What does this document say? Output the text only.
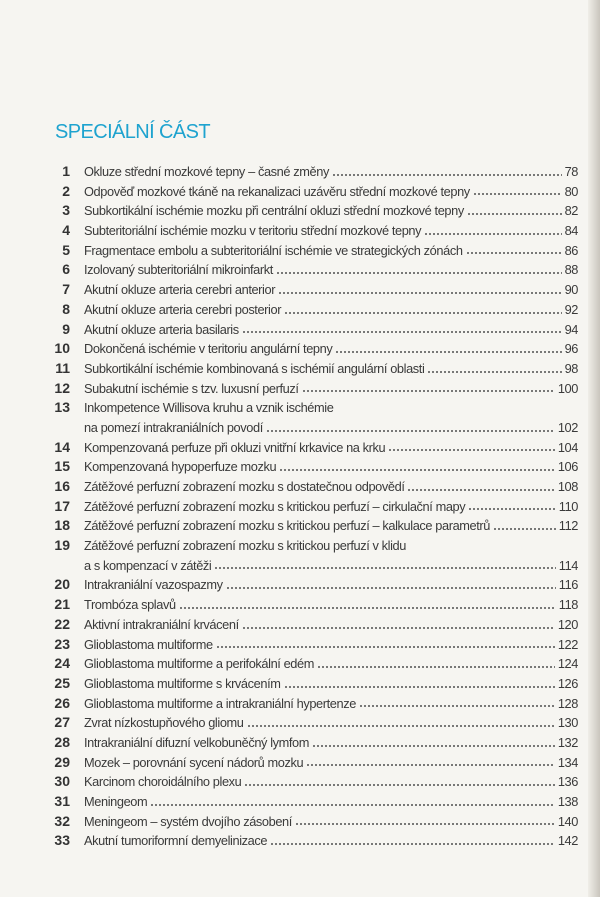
SPECIÁLNÍ ČÁST
1 Okluze střední mozkové tepny – časné změny	78
2 Odpověď mozkové tkáně na rekanalizaci uzávěru střední mozkové tepny	80
3 Subkortikální ischémie mozku při centrální okluzi střední mozkové tepny	82
4 Subteritoriální ischémie mozku v teritoriu střední mozkové tepny	84
5 Fragmentace embolu a subteritoriální ischémie ve strategických zónách	86
6 Izolovaný subteritoriální mikroinfarkt	88
7 Akutní okluze arteria cerebri anterior	90
8 Akutní okluze arteria cerebri posterior	92
9 Akutní okluze arteria basilaris	94
10 Dokončená ischémie v teritoriu angulární tepny	96
11 Subkortikální ischémie kombinovaná s ischémií angulární oblasti	98
12 Subakutní ischémie s tzv. luxusní perfuzí	100
13 Inkompetence Willisova kruhu a vznik ischémie
na pomezí intrakraniálních povodí	102
14 Kompenzovaná perfuze při okluzi vnitřní krkavice na krku	104
15 Kompenzovaná hypoperfuze mozku	106
16 Zátěžové perfuzní zobrazení mozku s dostatečnou odpovědí	108
17 Zátěžové perfuzní zobrazení mozku s kritickou perfuzí – cirkulační mapy	110
18 Zátěžové perfuzní zobrazení mozku s kritickou perfuzí – kalkulace parametrů	112
19 Zátěžové perfuzní zobrazení mozku s kritickou perfuzí v klidu
a s kompenzací v zátěži	114
20 Intrakraniální vazospazmy	116
21 Trombóza splavů	118
22 Aktivní intrakraniální krvácení	120
23 Glioblastoma multiforme	122
24 Glioblastoma multiforme a perifokální edém	124
25 Glioblastoma multiforme s krvácením	126
26 Glioblastoma multiforme a intrakraniální hypertenze	128
27 Zvrat nízkostupňového gliomu	130
28 Intrakraniální difuzní velkobuněčný lymfom	132
29 Mozek – porovnání sycení nádorů mozku	134
30 Karcinom choroidálního plexu	136
31 Meningeom	138
32 Meningeom – systém dvojího zásobení	140
33 Akutní tumoriformní demyelinizace	142
